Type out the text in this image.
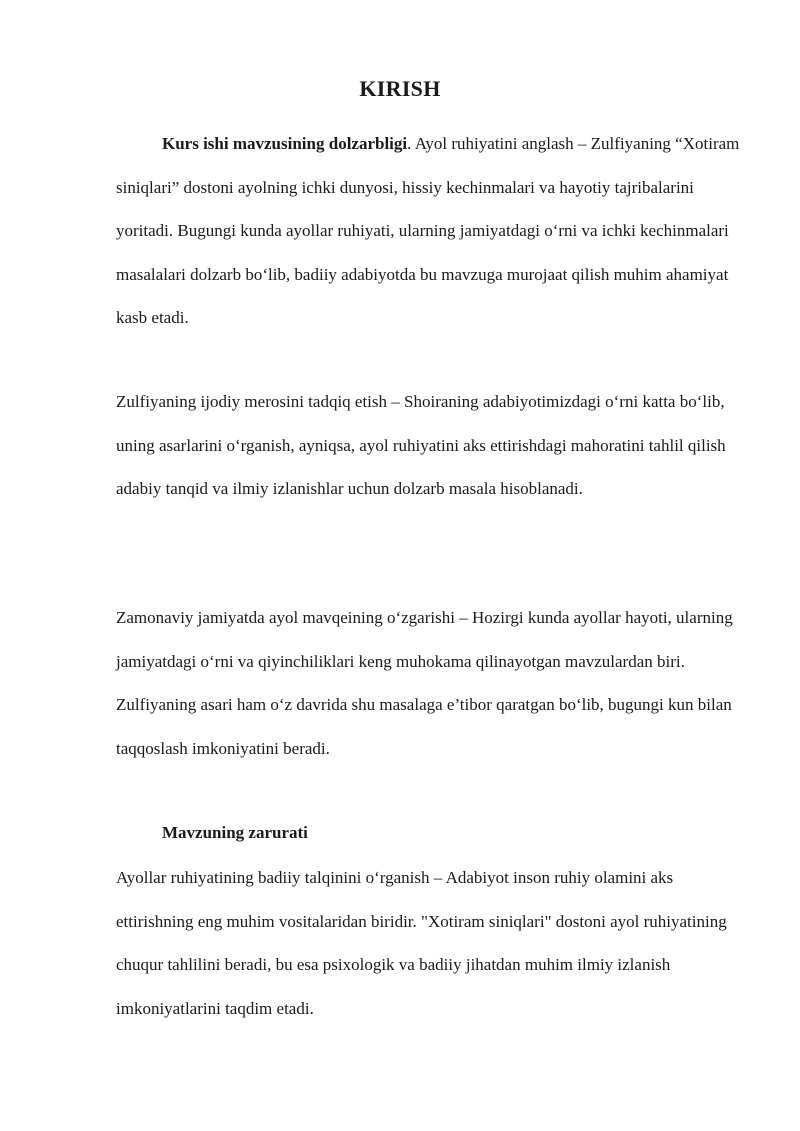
KIRISH

Kurs ishi mavzusining dolzarbligi. Ayol ruhiyatini anglash – Zulfiyaning “Xotiram siniqlari” dostoni ayolning ichki dunyosi, hissiy kechinmalari va hayotiy tajribalarini yoritadi. Bugungi kunda ayollar ruhiyati, ularning jamiyatdagi o‘rni va ichki kechinmalari masalalari dolzarb bo‘lib, badiiy adabiyotda bu mavzuga murojaat qilish muhim ahamiyat kasb etadi.

Zulfiyaning ijodiy merosini tadqiq etish – Shoiraning adabiyotimizdagi o‘rni katta bo‘lib, uning asarlarini o‘rganish, ayniqsa, ayol ruhiyatini aks ettirishdagi mahoratini tahlil qilish adabiy tanqid va ilmiy izlanishlar uchun dolzarb masala hisoblanadi.

Zamonaviy jamiyatda ayol mavqeining o‘zgarishi – Hozirgi kunda ayollar hayoti, ularning jamiyatdagi o‘rni va qiyinchiliklari keng muhokama qilinayotgan mavzulardan biri. Zulfiyaning asari ham o‘z davrida shu masalaga e’tibor qaratgan bo‘lib, bugungi kun bilan taqqoslash imkoniyatini beradi.

Mavzuning zarurati

Ayollar ruhiyatining badiiy talqinini o‘rganish – Adabiyot inson ruhiy olamini aks ettirishning eng muhim vositalaridan biridir. "Xotiram siniqlari" dostoni ayol ruhiyatining chuqur tahlilini beradi, bu esa psixologik va badiiy jihatdan muhim ilmiy izlanish imkoniyatlarini taqdim etadi.
